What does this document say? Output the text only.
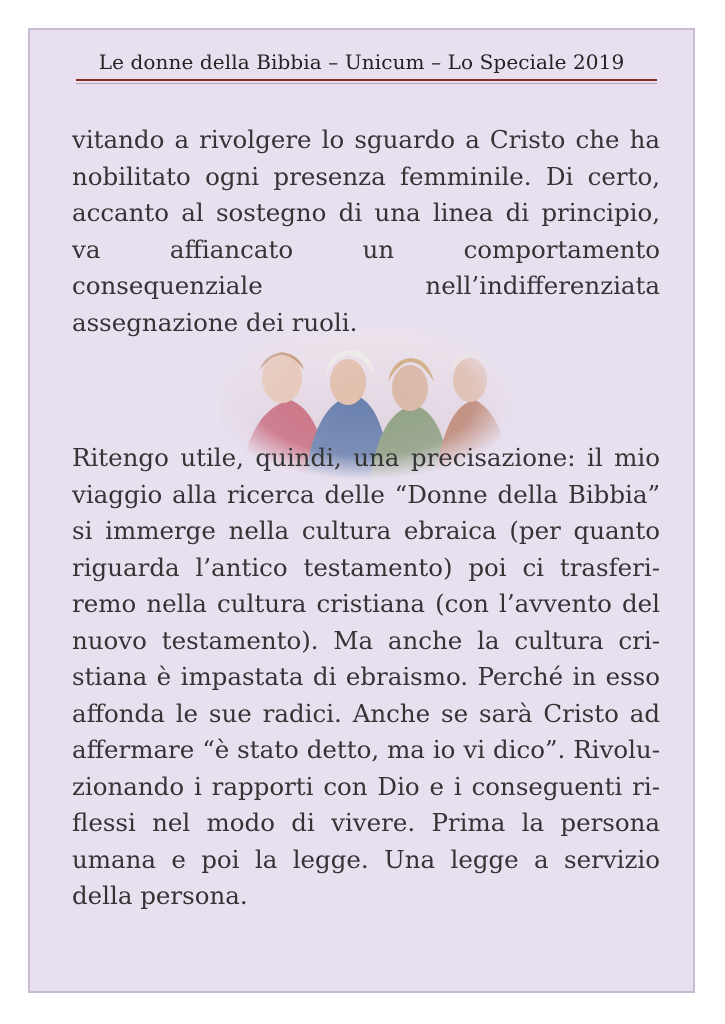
Le donne della Bibbia – Unicum – Lo Speciale 2019

vitando a rivolgere lo sguardo a Cristo che ha nobilitato ogni presenza femminile. Di certo, accanto al sostegno di una linea di principio, va affiancato un comportamento consequenziale nell’indifferenziata assegnazione dei ruoli.

Ritengo utile, quindi, una precisazione: il mio viaggio alla ricerca delle “Donne della Bibbia” si immerge nella cultura ebraica (per quanto riguarda l’antico testamento) poi ci trasferiremo nella cultura cristiana (con l’avvento del nuovo testamento). Ma anche la cultura cristiana è impastata di ebraismo. Perché in esso affonda le sue radici. Anche se sarà Cristo ad affermare “è stato detto, ma io vi dico”. Rivoluzionando i rapporti con Dio e i conseguenti riflessi nel modo di vivere. Prima la persona umana e poi la legge. Una legge a servizio della persona.
